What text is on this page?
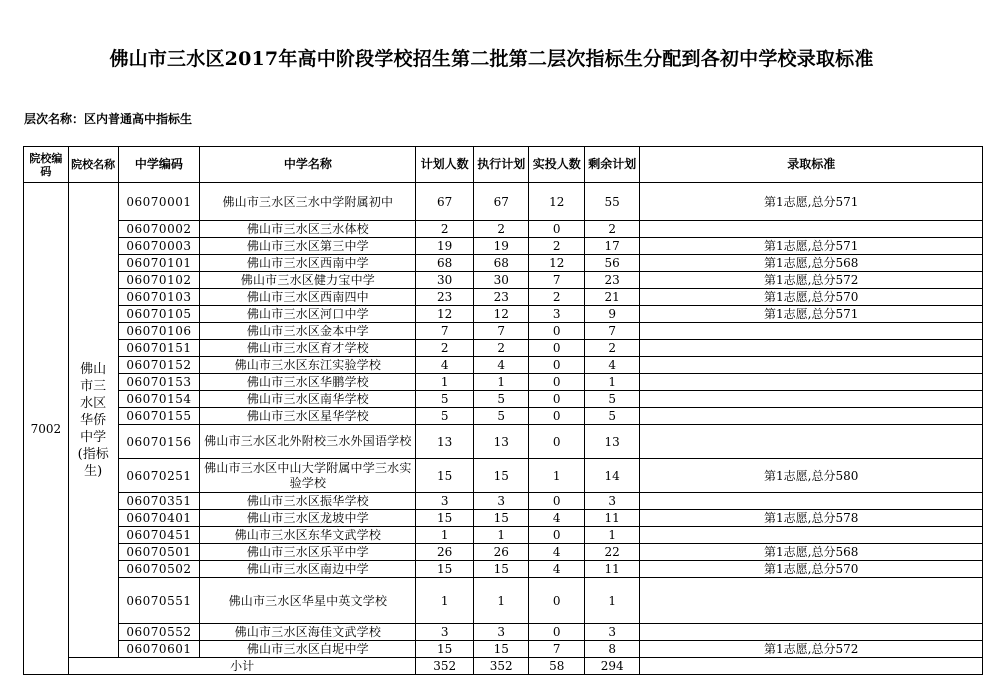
佛山市三水区2017年高中阶段学校招生第二批第二层次指标生分配到各初中学校录取标准
层次名称：区内普通高中指标生
院校编码	院校名称	中学编码	中学名称	计划人数	执行计划	实投人数	剩余计划	录取标准
7002	佛山市三水区华侨中学(指标生)	06070001	佛山市三水区三水中学附属初中	67	67	12	55	第1志愿,总分571
		06070002	佛山市三水区三水体校	2	2	0	2	
		06070003	佛山市三水区第三中学	19	19	2	17	第1志愿,总分571
		06070101	佛山市三水区西南中学	68	68	12	56	第1志愿,总分568
		06070102	佛山市三水区健力宝中学	30	30	7	23	第1志愿,总分572
		06070103	佛山市三水区西南四中	23	23	2	21	第1志愿,总分570
		06070105	佛山市三水区河口中学	12	12	3	9	第1志愿,总分571
		06070106	佛山市三水区金本中学	7	7	0	7	
		06070151	佛山市三水区育才学校	2	2	0	2	
		06070152	佛山市三水区东江实验学校	4	4	0	4	
		06070153	佛山市三水区华鹏学校	1	1	0	1	
		06070154	佛山市三水区南华学校	5	5	0	5	
		06070155	佛山市三水区星华学校	5	5	0	5	
		06070156	佛山市三水区北外附校三水外国语学校	13	13	0	13	
		06070251	佛山市三水区中山大学附属中学三水实验学校	15	15	1	14	第1志愿,总分580
		06070351	佛山市三水区振华学校	3	3	0	3	
		06070401	佛山市三水区龙坡中学	15	15	4	11	第1志愿,总分578
		06070451	佛山市三水区东华文武学校	1	1	0	1	
		06070501	佛山市三水区乐平中学	26	26	4	22	第1志愿,总分568
		06070502	佛山市三水区南边中学	15	15	4	11	第1志愿,总分570
		06070551	佛山市三水区华星中英文学校	1	1	0	1	
		06070552	佛山市三水区海佳文武学校	3	3	0	3	
		06070601	佛山市三水区白坭中学	15	15	7	8	第1志愿,总分572
	小计			352	352	58	294	
